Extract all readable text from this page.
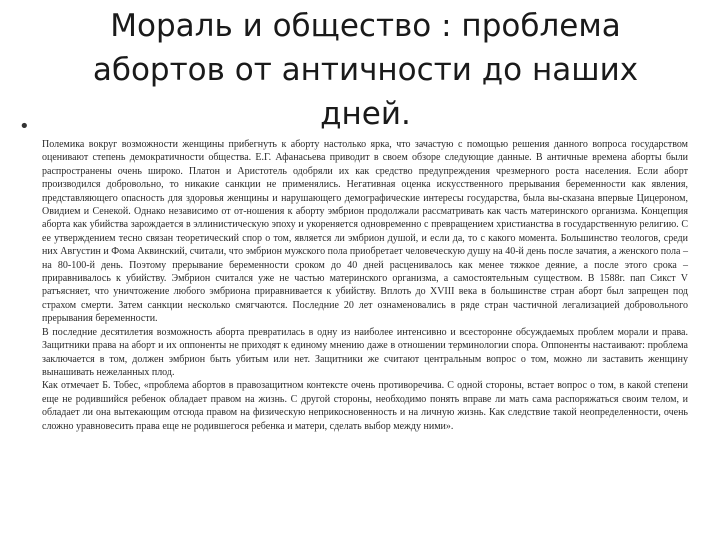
Мораль и общество : проблема абортов от античности до наших дней.
•

Полемика вокруг возможности женщины прибегнуть к аборту настолько ярка, что зачастую с помощью решения данного вопроса государством оценивают степень демократичности общества. Е.Г. Афанасьева приводит в своем обзоре следующие данные. В античные времена аборты были распространены очень широко. Платон и Аристотель одобряли их как средство предупреждения чрезмерного роста населения. Если аборт производился добровольно, то никакие санкции не применялись. Негативная оценка искусственного прерывания беременности как явления, представляющего опасность для здоровья женщины и нарушающего демографические интересы государства, была вы-сказана впервые Цицероном, Овидием и Сенекой. Однако независимо от от-ношения к аборту эмбрион продолжали рассматривать как часть материнского организма. Концепция аборта как убийства зарождается в эллинистическую эпоху и укореняется одновременно с превращением христианства в государственную религию. С ее утверждением тесно связан теоретический спор о том, является ли эмбрион душой, и если да, то с какого момента. Большинство теологов, среди них Августин и Фома Аквинский, считали, что эмбрион мужского пола приобретает человеческую душу на 40-й день после зачатия, а женского пола – на 80-100-й день. Поэтому прерывание беременности сроком до 40 дней расценивалось как менее тяжкое деяние, а после этого срока – приравнивалось к убийству. Эмбрион считался уже не частью материнского организма, а самостоятельным существом. В 1588г. пап Сикст V ратъясняет, что уничтожение любого эмбриона приравнивается к убийству. Вплоть до XVIII века в большинстве стран аборт был запрещен под страхом смерти. Затем санкции несколько смягчаются. Последние 20 лет ознаменовались в ряде стран частичной легализацией добровольного прерывания беременности.

В последние десятилетия возможность аборта превратилась в одну из наиболее интенсивно и всесторонне обсуждаемых проблем морали и права. Защитники права на аборт и их оппоненты не приходят к единому мнению даже в отношении терминологии спора. Оппоненты настаивают: проблема заключается в том, должен эмбрион быть убитым или нет. Защитники же считают центральным вопрос о том, можно ли заставить женщину вынашивать нежеланных плод.

Как отмечает Б. Тобес, «проблема абортов в правозащитном контексте очень противоречива. С одной стороны, встает вопрос о том, в какой степени еще не родившийся ребенок обладает правом на жизнь. С другой стороны, необходимо понять вправе ли мать сама распоряжаться своим телом, и обладает ли она вытекающим отсюда правом на физическую неприкосновенность и на личную жизнь. Как следствие такой неопределенности, очень сложно уравновесить права еще не родившегося ребенка и матери, сделать выбор между ними».
